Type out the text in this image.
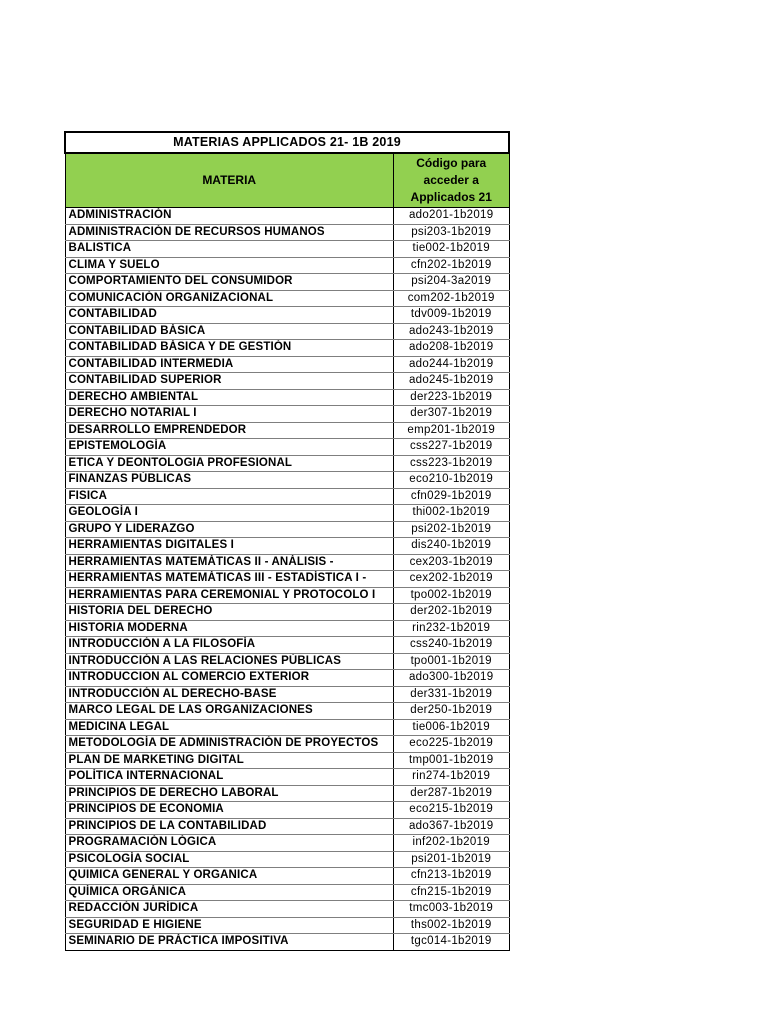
MATERIAS APPLICADOS 21- 1B 2019	
MATERIA	Código para acceder a Applicados 21
ADMINISTRACIÓN	ado201-1b2019
ADMINISTRACIÓN DE RECURSOS HUMANOS	psi203-1b2019
BALISTICA	tie002-1b2019
CLIMA Y SUELO	cfn202-1b2019
COMPORTAMIENTO DEL CONSUMIDOR	psi204-3a2019
COMUNICACIÓN ORGANIZACIONAL	com202-1b2019
CONTABILIDAD	tdv009-1b2019
CONTABILIDAD BÁSICA	ado243-1b2019
CONTABILIDAD BÁSICA Y DE GESTIÓN	ado208-1b2019
CONTABILIDAD INTERMEDIA	ado244-1b2019
CONTABILIDAD SUPERIOR	ado245-1b2019
DERECHO AMBIENTAL	der223-1b2019
DERECHO NOTARIAL I	der307-1b2019
DESARROLLO EMPRENDEDOR	emp201-1b2019
EPISTEMOLOGÍA	css227-1b2019
ETICA Y DEONTOLOGIA PROFESIONAL	css223-1b2019
FINANZAS PÚBLICAS	eco210-1b2019
FISICA	cfn029-1b2019
GEOLOGÍA I	thi002-1b2019
GRUPO Y LIDERAZGO	psi202-1b2019
HERRAMIENTAS DIGITALES I	dis240-1b2019
HERRAMIENTAS MATEMÁTICAS II - ANÁLISIS -	cex203-1b2019
HERRAMIENTAS MATEMÁTICAS III - ESTADÍSTICA I -	cex202-1b2019
HERRAMIENTAS PARA CEREMONIAL Y PROTOCOLO I	tpo002-1b2019
HISTORIA DEL DERECHO	der202-1b2019
HISTORIA MODERNA	rin232-1b2019
INTRODUCCIÓN A LA FILOSOFÍA	css240-1b2019
INTRODUCCIÓN A LAS RELACIONES PÚBLICAS	tpo001-1b2019
INTRODUCCION AL COMERCIO EXTERIOR	ado300-1b2019
INTRODUCCIÓN AL DERECHO-BASE	der331-1b2019
MARCO LEGAL DE LAS ORGANIZACIONES	der250-1b2019
MEDICINA LEGAL	tie006-1b2019
METODOLOGÍA DE ADMINISTRACIÓN DE PROYECTOS	eco225-1b2019
PLAN DE MARKETING DIGITAL	tmp001-1b2019
POLÍTICA INTERNACIONAL	rin274-1b2019
PRINCIPIOS DE DERECHO LABORAL	der287-1b2019
PRINCIPIOS DE ECONOMIA	eco215-1b2019
PRINCIPIOS DE LA CONTABILIDAD	ado367-1b2019
PROGRAMACIÓN LÓGICA	inf202-1b2019
PSICOLOGÍA SOCIAL	psi201-1b2019
QUIMICA GENERAL Y ORGANICA	cfn213-1b2019
QUÍMICA ORGÁNICA	cfn215-1b2019
REDACCIÓN JURÍDICA	tmc003-1b2019
SEGURIDAD E HIGIENE	ths002-1b2019
SEMINARIO DE PRÁCTICA IMPOSITIVA	tgc014-1b2019
